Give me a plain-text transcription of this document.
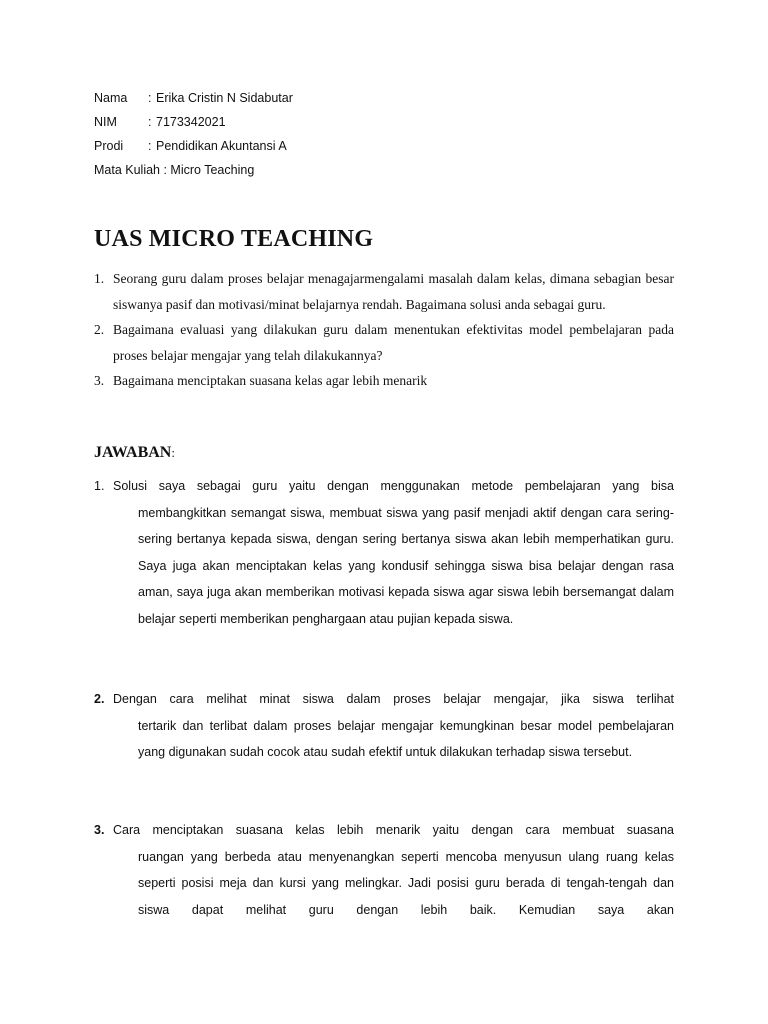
Nama	: Erika Cristin N Sidabutar
NIM	: 7173342021
Prodi	: Pendidikan Akuntansi A
Mata Kuliah : Micro Teaching
UAS MICRO TEACHING
1. Seorang guru dalam proses belajar menagajarmengalami masalah dalam kelas, dimana sebagian besar siswanya pasif dan motivasi/minat belajarnya rendah. Bagaimana solusi anda sebagai guru.
2. Bagaimana evaluasi yang dilakukan guru dalam menentukan efektivitas model pembelajaran pada proses belajar mengajar yang telah dilakukannya?
3. Bagaimana menciptakan suasana kelas agar lebih menarik
JAWABAN:
1. Solusi saya sebagai guru yaitu dengan menggunakan metode pembelajaran yang bisa
membangkitkan semangat siswa, membuat siswa yang pasif menjadi aktif dengan cara sering-sering bertanya kepada siswa, dengan sering bertanya siswa akan lebih memperhatikan guru. Saya juga akan menciptakan kelas yang kondusif sehingga siswa bisa belajar dengan rasa aman, saya juga akan memberikan motivasi kepada siswa agar siswa lebih bersemangat dalam belajar seperti memberikan penghargaan atau pujian kepada siswa.
2. Dengan cara melihat minat siswa dalam proses belajar mengajar, jika siswa terlihat
tertarik dan terlibat dalam proses belajar mengajar kemungkinan besar model pembelajaran yang digunakan sudah cocok atau sudah efektif untuk dilakukan terhadap siswa tersebut.
3. Cara menciptakan suasana kelas lebih menarik yaitu dengan cara membuat suasana
ruangan yang berbeda atau menyenangkan seperti mencoba menyusun ulang ruang kelas seperti posisi meja dan kursi yang melingkar. Jadi posisi guru berada di tengah-tengah dan siswa dapat melihat guru dengan lebih baik. Kemudian saya akan
